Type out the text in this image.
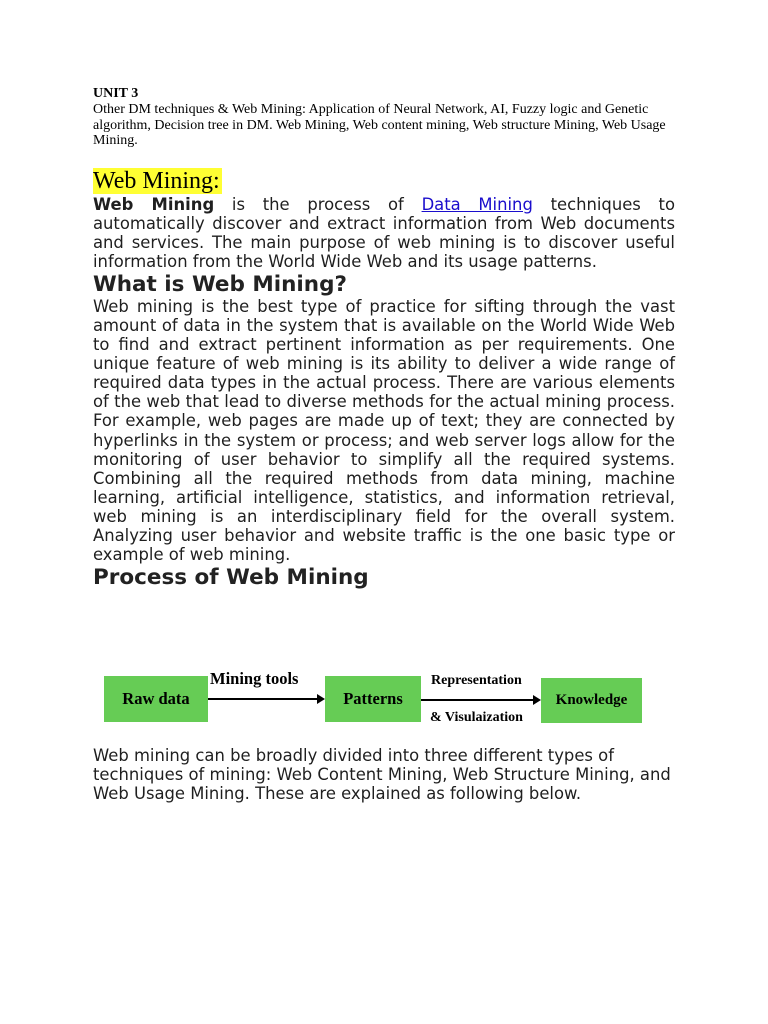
UNIT 3

Other DM techniques & Web Mining: Application of Neural Network, AI, Fuzzy logic and Genetic algorithm, Decision tree in DM. Web Mining, Web content mining, Web structure Mining, Web Usage Mining.

Web Mining:

Web Mining is the process of Data Mining techniques to automatically discover and extract information from Web documents and services. The main purpose of web mining is to discover useful information from the World Wide Web and its usage patterns.

What is Web Mining?

Web mining is the best type of practice for sifting through the vast amount of data in the system that is available on the World Wide Web to find and extract pertinent information as per requirements. One unique feature of web mining is its ability to deliver a wide range of required data types in the actual process. There are various elements of the web that lead to diverse methods for the actual mining process. For example, web pages are made up of text; they are connected by hyperlinks in the system or process; and web server logs allow for the monitoring of user behavior to simplify all the required systems. Combining all the required methods from data mining, machine learning, artificial intelligence, statistics, and information retrieval, web mining is an interdisciplinary field for the overall system. Analyzing user behavior and website traffic is the one basic type or example of web mining.

Process of Web Mining
Raw data
Mining tools
Patterns
Representation
& Visulaization
Knowledge

Web mining can be broadly divided into three different types of techniques of mining: Web Content Mining, Web Structure Mining, and Web Usage Mining. These are explained as following below.
